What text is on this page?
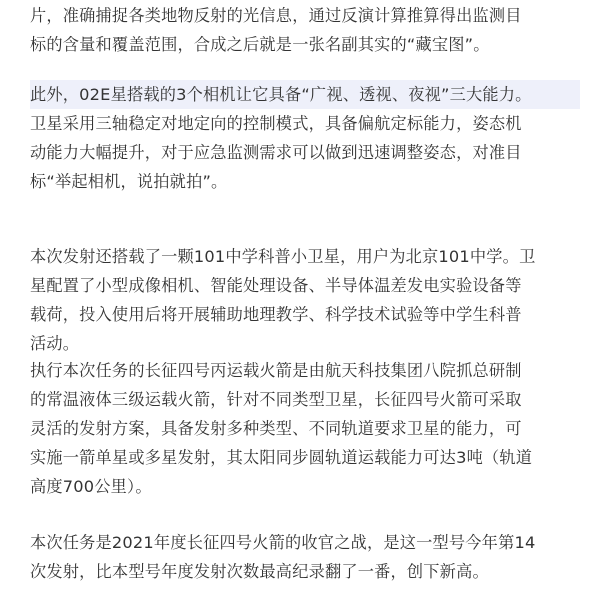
片，准确捕捉各类地物反射的光信息，通过反演计算推算得出监测目
标的含量和覆盖范围，合成之后就是一张名副其实的“藏宝图”。

此外，02E星搭载的3个相机让它具备“广视、透视、夜视”三大能力。
卫星采用三轴稳定对地定向的控制模式，具备偏航定标能力，姿态机
动能力大幅提升，对于应急监测需求可以做到迅速调整姿态，对准目
标“举起相机，说拍就拍”。

本次发射还搭载了一颗101中学科普小卫星，用户为北京101中学。卫
星配置了小型成像相机、智能处理设备、半导体温差发电实验设备等
载荷，投入使用后将开展辅助地理教学、科学技术试验等中学生科普
活动。

执行本次任务的长征四号丙运载火箭是由航天科技集团八院抓总研制
的常温液体三级运载火箭，针对不同类型卫星，长征四号火箭可采取
灵活的发射方案，具备发射多种类型、不同轨道要求卫星的能力，可
实施一箭单星或多星发射，其太阳同步圆轨道运载能力可达3吨（轨道
高度700公里）。

本次任务是2021年度长征四号火箭的收官之战，是这一型号今年第14
次发射，比本型号年度发射次数最高纪录翻了一番，创下新高。
